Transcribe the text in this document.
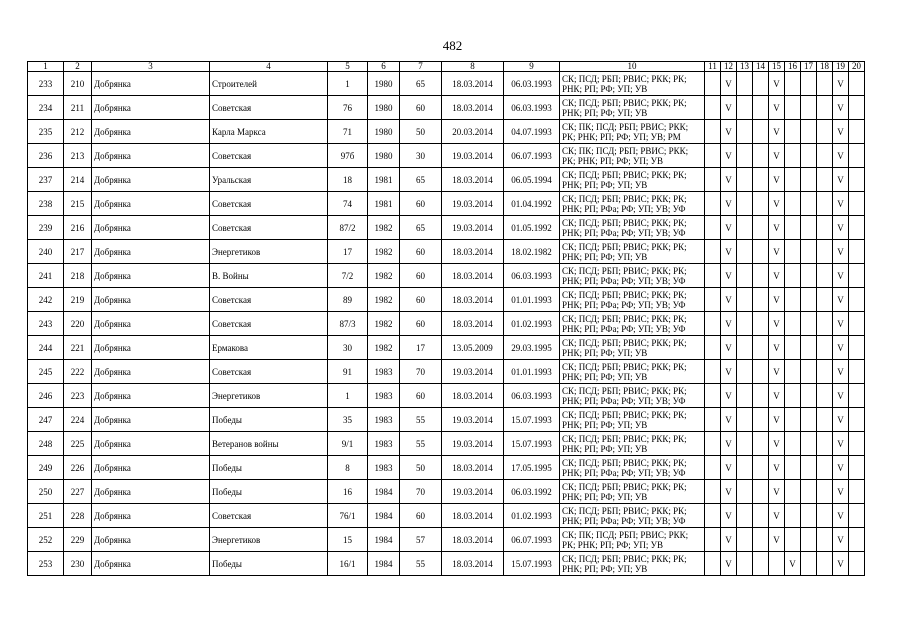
482
1	2	3	4	5	6	7	8	9	10	11	12	13	14	15	16	17	18	19	20
233	210	Добрянка	Строителей	1	1980	65	18.03.2014	06.03.1993	СК; ПСД; РБП; РВИС; РКК; РК; РНК; РП; РФ; УП; УВ		V			V				V	
234	211	Добрянка	Советская	76	1980	60	18.03.2014	06.03.1993	СК; ПСД; РБП; РВИС; РКК; РК; РНК; РП; РФ; УП; УВ		V			V				V	
235	212	Добрянка	Карла Маркса	71	1980	50	20.03.2014	04.07.1993	СК; ПК; ПСД; РБП; РВИС; РКК; РК; РНК; РП; РФ; УП; УВ; РМ		V			V				V	
236	213	Добрянка	Советская	97б	1980	30	19.03.2014	06.07.1993	СК; ПК; ПСД; РБП; РВИС; РКК; РК; РНК; РП; РФ; УП; УВ		V			V				V	
237	214	Добрянка	Уральская	18	1981	65	18.03.2014	06.05.1994	СК; ПСД; РБП; РВИС; РКК; РК; РНК; РП; РФ; УП; УВ		V			V				V	
238	215	Добрянка	Советская	74	1981	60	19.03.2014	01.04.1992	СК; ПСД; РБП; РВИС; РКК; РК; РНК; РП; РФа; РФ; УП; УВ; УФ		V			V				V	
239	216	Добрянка	Советская	87/2	1982	65	19.03.2014	01.05.1992	СК; ПСД; РБП; РВИС; РКК; РК; РНК; РП; РФа; РФ; УП; УВ; УФ		V			V				V	
240	217	Добрянка	Энергетиков	17	1982	60	18.03.2014	18.02.1982	СК; ПСД; РБП; РВИС; РКК; РК; РНК; РП; РФ; УП; УВ		V			V				V	
241	218	Добрянка	В. Войны	7/2	1982	60	18.03.2014	06.03.1993	СК; ПСД; РБП; РВИС; РКК; РК; РНК; РП; РФа; РФ; УП; УВ; УФ		V			V				V	
242	219	Добрянка	Советская	89	1982	60	18.03.2014	01.01.1993	СК; ПСД; РБП; РВИС; РКК; РК; РНК; РП; РФа; РФ; УП; УВ; УФ		V			V				V	
243	220	Добрянка	Советская	87/3	1982	60	18.03.2014	01.02.1993	СК; ПСД; РБП; РВИС; РКК; РК; РНК; РП; РФа; РФ; УП; УВ; УФ		V			V				V	
244	221	Добрянка	Ермакова	30	1982	17	13.05.2009	29.03.1995	СК; ПСД; РБП; РВИС; РКК; РК; РНК; РП; РФ; УП; УВ		V			V				V	
245	222	Добрянка	Советская	91	1983	70	19.03.2014	01.01.1993	СК; ПСД; РБП; РВИС; РКК; РК; РНК; РП; РФ; УП; УВ		V			V				V	
246	223	Добрянка	Энергетиков	1	1983	60	18.03.2014	06.03.1993	СК; ПСД; РБП; РВИС; РКК; РК; РНК; РП; РФа; РФ; УП; УВ; УФ		V			V				V	
247	224	Добрянка	Победы	35	1983	55	19.03.2014	15.07.1993	СК; ПСД; РБП; РВИС; РКК; РК; РНК; РП; РФ; УП; УВ		V			V				V	
248	225	Добрянка	Ветеранов войны	9/1	1983	55	19.03.2014	15.07.1993	СК; ПСД; РБП; РВИС; РКК; РК; РНК; РП; РФ; УП; УВ		V			V				V	
249	226	Добрянка	Победы	8	1983	50	18.03.2014	17.05.1995	СК; ПСД; РБП; РВИС; РКК; РК; РНК; РП; РФа; РФ; УП; УВ; УФ		V			V				V	
250	227	Добрянка	Победы	16	1984	70	19.03.2014	06.03.1992	СК; ПСД; РБП; РВИС; РКК; РК; РНК; РП; РФ; УП; УВ		V			V				V	
251	228	Добрянка	Советская	76/1	1984	60	18.03.2014	01.02.1993	СК; ПСД; РБП; РВИС; РКК; РК; РНК; РП; РФа; РФ; УП; УВ; УФ		V			V				V	
252	229	Добрянка	Энергетиков	15	1984	57	18.03.2014	06.07.1993	СК; ПК; ПСД; РБП; РВИС; РКК; РК; РНК; РП; РФ; УП; УВ		V			V				V	
253	230	Добрянка	Победы	16/1	1984	55	18.03.2014	15.07.1993	СК; ПСД; РБП; РВИС; РКК; РК; РНК; РП; РФ; УП; УВ		V				V			V	
